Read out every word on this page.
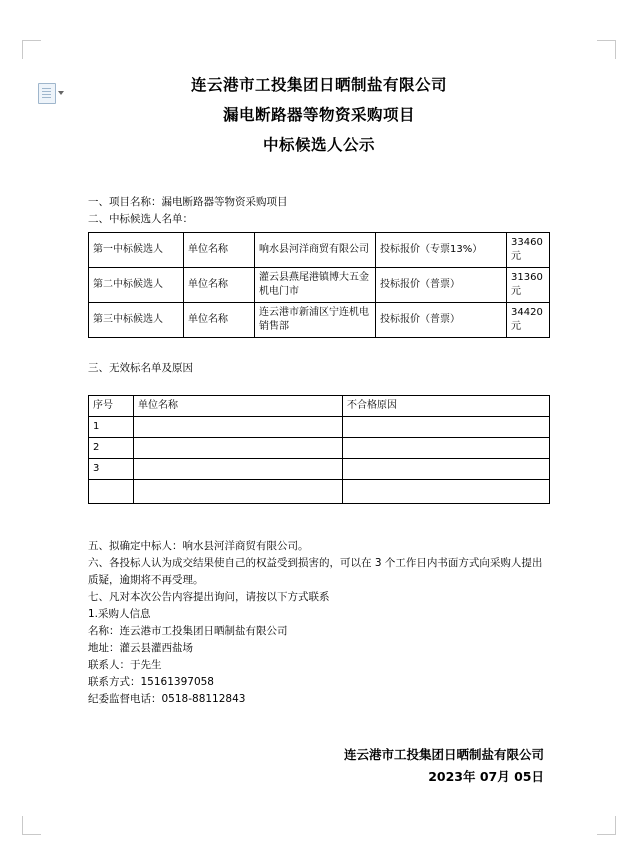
连云港市工投集团日晒制盐有限公司
漏电断路器等物资采购项目
中标候选人公示

一、项目名称：漏电断路器等物资采购项目

二、中标候选人名单：

第一中标候选人	单位名称	响水县河洋商贸有限公司	投标报价（专票13%）	33460 元
第二中标候选人	单位名称	灌云县燕尾港镇博大五金机电门市	投标报价（普票）	31360 元
第三中标候选人	单位名称	连云港市新浦区宁连机电销售部	投标报价（普票）	34420 元

三、无效标名单及原因

序号	单位名称	不合格原因
1		
2		
3		

五、拟确定中标人：响水县河洋商贸有限公司。

六、各投标人认为成交结果使自己的权益受到损害的，可以在 3 个工作日内书面方式向采购人提出质疑，逾期将不再受理。

七、凡对本次公告内容提出询问，请按以下方式联系

1.采购人信息

名称：连云港市工投集团日晒制盐有限公司

地址：灌云县灌西盐场

联系人：于先生

联系方式：15161397058

纪委监督电话：0518-88112843

连云港市工投集团日晒制盐有限公司
2023年 07月 05日
